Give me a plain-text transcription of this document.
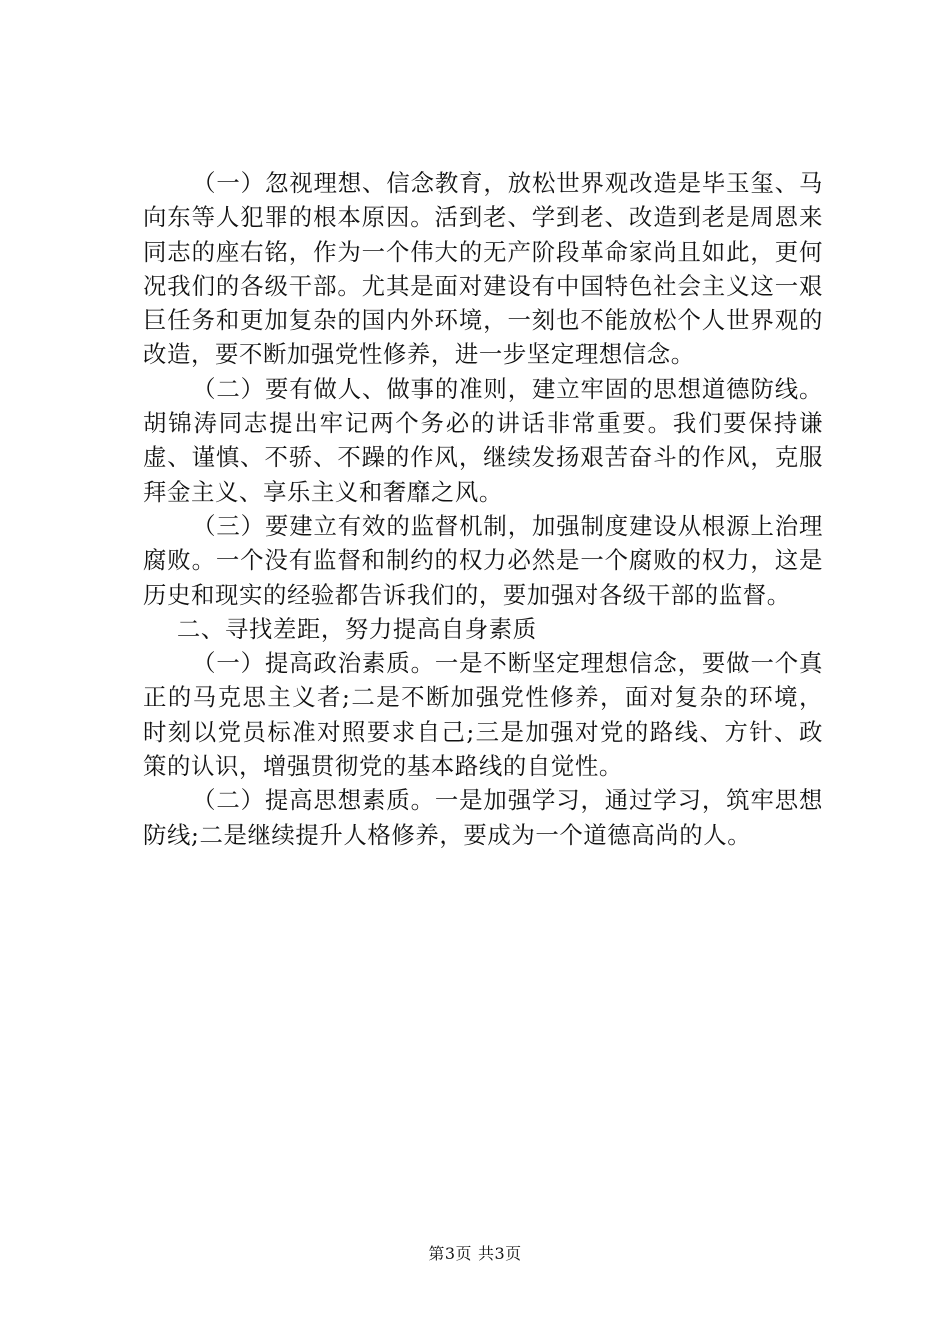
（一）忽视理想、信念教育，放松世界观改造是毕玉玺、马向东等人犯罪的根本原因。活到老、学到老、改造到老是周恩来同志的座右铭，作为一个伟大的无产阶段革命家尚且如此，更何况我们的各级干部。尤其是面对建设有中国特色社会主义这一艰巨任务和更加复杂的国内外环境，一刻也不能放松个人世界观的改造，要不断加强党性修养，进一步坚定理想信念。

（二）要有做人、做事的准则，建立牢固的思想道德防线。胡锦涛同志提出牢记两个务必的讲话非常重要。我们要保持谦虚、谨慎、不骄、不躁的作风，继续发扬艰苦奋斗的作风，克服拜金主义、享乐主义和奢靡之风。

（三）要建立有效的监督机制，加强制度建设从根源上治理腐败。一个没有监督和制约的权力必然是一个腐败的权力，这是历史和现实的经验都告诉我们的，要加强对各级干部的监督。

二、寻找差距，努力提高自身素质

（一）提高政治素质。一是不断坚定理想信念，要做一个真正的马克思主义者;二是不断加强党性修养，面对复杂的环境，时刻以党员标准对照要求自己;三是加强对党的路线、方针、政策的认识，增强贯彻党的基本路线的自觉性。

（二）提高思想素质。一是加强学习，通过学习，筑牢思想防线;二是继续提升人格修养，要成为一个道德高尚的人。

第3页 共3页
